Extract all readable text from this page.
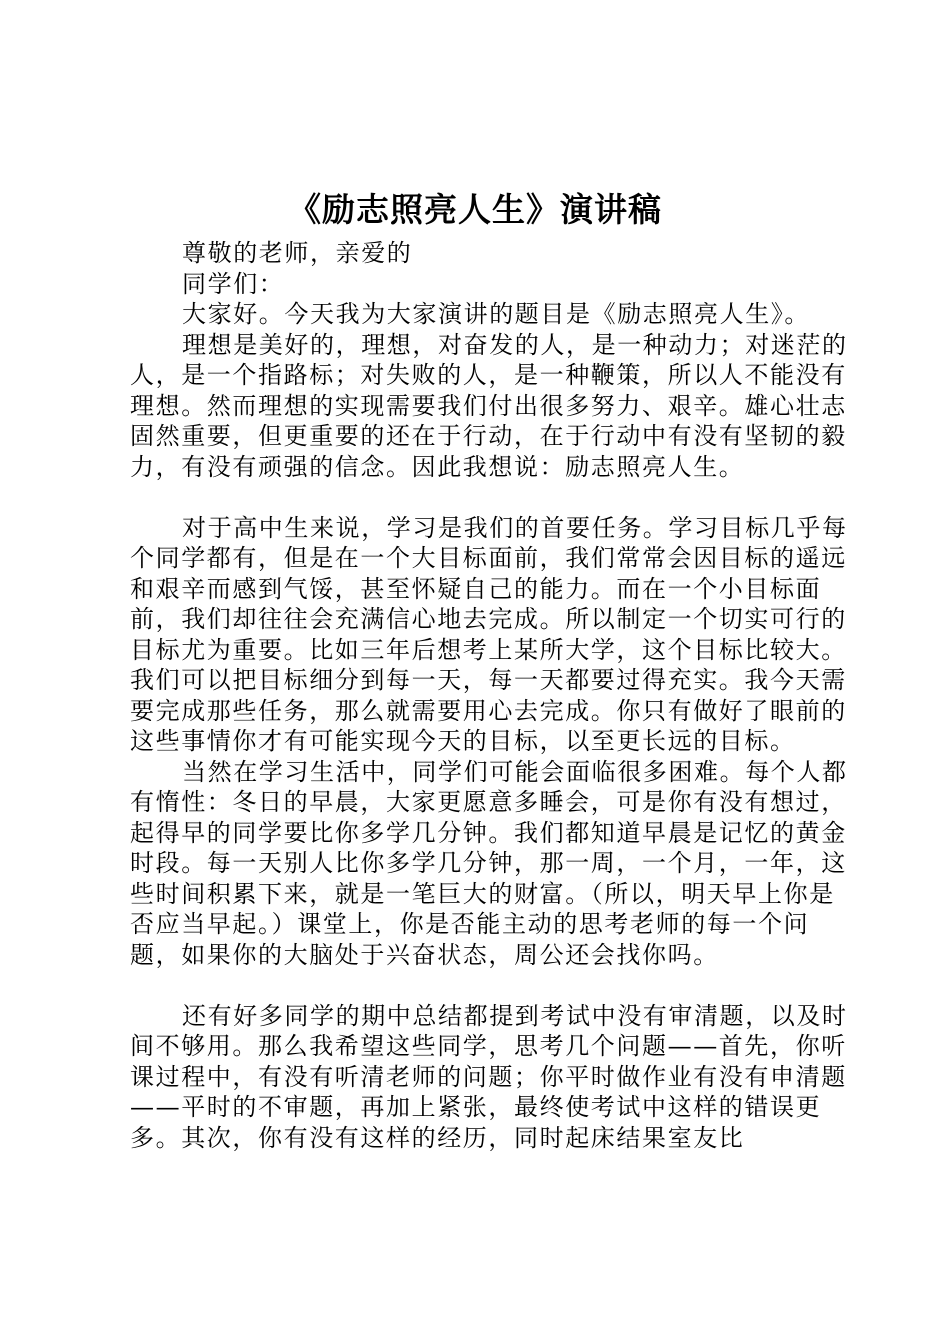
《励志照亮人生》演讲稿

尊敬的老师，亲爱的

同学们：

大家好。今天我为大家演讲的题目是《励志照亮人生》。

理想是美好的，理想，对奋发的人，是一种动力；对迷茫的人，是一个指路标；对失败的人，是一种鞭策，所以人不能没有理想。然而理想的实现需要我们付出很多努力、艰辛。雄心壮志固然重要，但更重要的还在于行动，在于行动中有没有坚韧的毅力，有没有顽强的信念。因此我想说：励志照亮人生。

对于高中生来说，学习是我们的首要任务。学习目标几乎每个同学都有，但是在一个大目标面前，我们常常会因目标的遥远和艰辛而感到气馁，甚至怀疑自己的能力。而在一个小目标面前，我们却往往会充满信心地去完成。所以制定一个切实可行的目标尤为重要。比如三年后想考上某所大学，这个目标比较大。我们可以把目标细分到每一天，每一天都要过得充实。我今天需要完成那些任务，那么就需要用心去完成。你只有做好了眼前的这些事情你才有可能实现今天的目标，以至更长远的目标。

当然在学习生活中，同学们可能会面临很多困难。每个人都有惰性：冬日的早晨，大家更愿意多睡会，可是你有没有想过，起得早的同学要比你多学几分钟。我们都知道早晨是记忆的黄金时段。每一天别人比你多学几分钟，那一周，一个月，一年，这些时间积累下来，就是一笔巨大的财富。（所以，明天早上你是否应当早起。）课堂上，你是否能主动的思考老师的每一个问题，如果你的大脑处于兴奋状态，周公还会找你吗。

还有好多同学的期中总结都提到考试中没有审清题，以及时间不够用。那么我希望这些同学，思考几个问题——首先，你听课过程中，有没有听清老师的问题；你平时做作业有没有申清题——平时的不审题，再加上紧张，最终使考试中这样的错误更多。其次，你有没有这样的经历，同时起床结果室友比
